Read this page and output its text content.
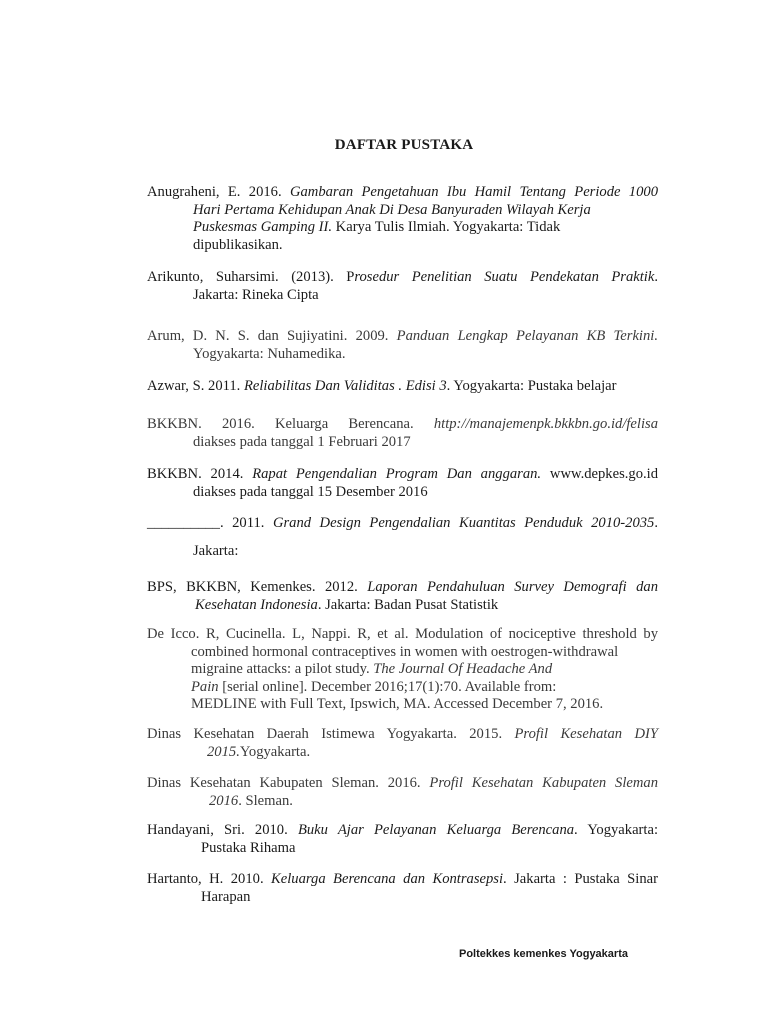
DAFTAR PUSTAKA

Anugraheni, E. 2016. Gambaran Pengetahuan Ibu Hamil Tentang Periode 1000

Hari Pertama Kehidupan Anak Di Desa Banyuraden Wilayah Kerja

Puskesmas Gamping II. Karya Tulis Ilmiah. Yogyakarta: Tidak

dipublikasikan.

Arikunto, Suharsimi. (2013). Prosedur Penelitian Suatu Pendekatan Praktik.

Jakarta: Rineka Cipta

Arum, D. N. S. dan Sujiyatini. 2009. Panduan Lengkap Pelayanan KB Terkini.

Yogyakarta: Nuhamedika.

Azwar, S. 2011. Reliabilitas Dan Validitas . Edisi 3. Yogyakarta: Pustaka belajar

BKKBN. 2016. Keluarga Berencana. http://manajemenpk.bkkbn.go.id/felisa

diakses pada tanggal 1 Februari 2017

BKKBN. 2014. Rapat Pengendalian Program Dan anggaran. www.depkes.go.id

diakses pada tanggal 15 Desember 2016

__________. 2011. Grand Design Pengendalian Kuantitas Penduduk 2010-2035.

Jakarta:

BPS, BKKBN, Kemenkes. 2012. Laporan Pendahuluan Survey Demografi dan

Kesehatan Indonesia. Jakarta: Badan Pusat Statistik

De Icco. R, Cucinella. L, Nappi. R, et al. Modulation of nociceptive threshold by

combined hormonal contraceptives in women with oestrogen-withdrawal

migraine attacks: a pilot study. The Journal Of Headache And

Pain [serial online]. December 2016;17(1):70. Available from:

MEDLINE with Full Text, Ipswich, MA. Accessed December 7, 2016.

Dinas Kesehatan Daerah Istimewa Yogyakarta. 2015. Profil Kesehatan DIY

2015.Yogyakarta.

Dinas Kesehatan Kabupaten Sleman. 2016. Profil Kesehatan Kabupaten Sleman

2016. Sleman.

Handayani, Sri. 2010. Buku Ajar Pelayanan Keluarga Berencana. Yogyakarta:

Pustaka Rihama

Hartanto, H. 2010. Keluarga Berencana dan Kontrasepsi. Jakarta : Pustaka Sinar

Harapan

Poltekkes kemenkes Yogyakarta
